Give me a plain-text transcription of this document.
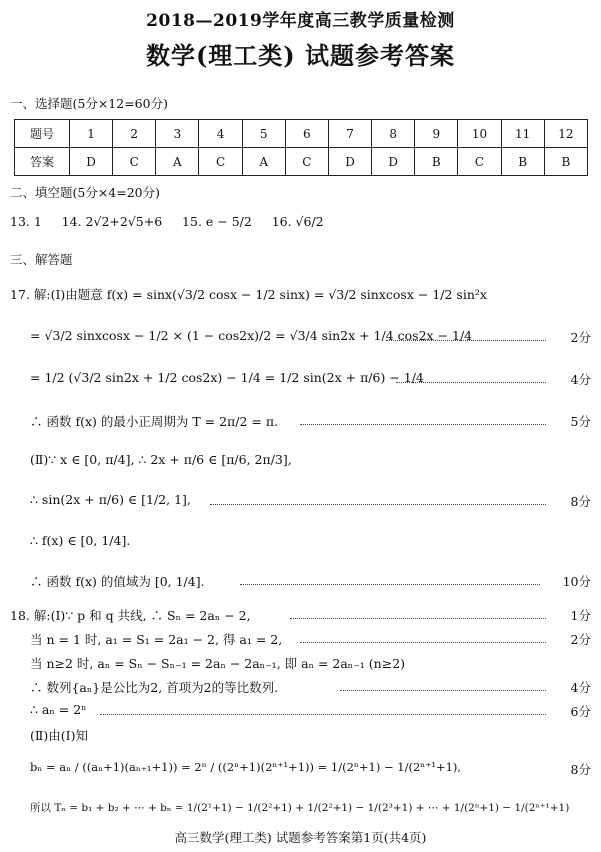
2018—2019学年度高三教学质量检测
数学(理工类) 试题参考答案
一、选择题(5分×12=60分)
题号	1	2	3	4	5	6	7	8	9	10	11	12
答案	D	C	A	C	A	C	D	D	B	C	B	B
二、填空题(5分×4=20分)
13. 1     14. 2√2+2√5+6     15. e − 5/2     16. √6/2
三、解答题
17. 解:(Ⅰ)由题意 f(x) = sinx(√3/2 cosx − 1/2 sinx) = √3/2 sinxcosx − 1/2 sin²x
= √3/2 sinxcosx − 1/2 × (1 − cos2x)/2 = √3/4 sin2x + 1/4 cos2x − 1/4	2分
= 1/2 (√3/2 sin2x + 1/2 cos2x) − 1/4 = 1/2 sin(2x + π/6) − 1/4	4分
∴ 函数 f(x) 的最小正周期为 T = 2π/2 = π.	5分
(Ⅱ)∵ x ∈ [0, π/4], ∴ 2x + π/6 ∈ [π/6, 2π/3],
∴ sin(2x + π/6) ∈ [1/2, 1],	8分
∴ f(x) ∈ [0, 1/4].
∴ 函数 f(x) 的值域为 [0, 1/4].	10分
18. 解:(Ⅰ)∵ p 和 q 共线, ∴ Sₙ = 2aₙ − 2,	1分
当 n = 1 时, a₁ = S₁ = 2a₁ − 2, 得 a₁ = 2,	2分
当 n≥2 时, aₙ = Sₙ − Sₙ₋₁ = 2aₙ − 2aₙ₋₁, 即 aₙ = 2aₙ₋₁ (n≥2)
∴ 数列{aₙ}是公比为2, 首项为2的等比数列.	4分
∴ aₙ = 2ⁿ	6分
(Ⅱ)由(Ⅰ)知
bₙ = aₙ / ((aₙ+1)(aₙ₊₁+1)) = 2ⁿ / ((2ⁿ+1)(2ⁿ⁺¹+1)) = 1/(2ⁿ+1) − 1/(2ⁿ⁺¹+1),	8分
所以 Tₙ = b₁ + b₂ + ⋯ + bₙ = 1/(2¹+1) − 1/(2²+1) + 1/(2²+1) − 1/(2³+1) + ⋯ + 1/(2ⁿ+1) − 1/(2ⁿ⁺¹+1)
高三数学(理工类) 试题参考答案第1页(共4页)
